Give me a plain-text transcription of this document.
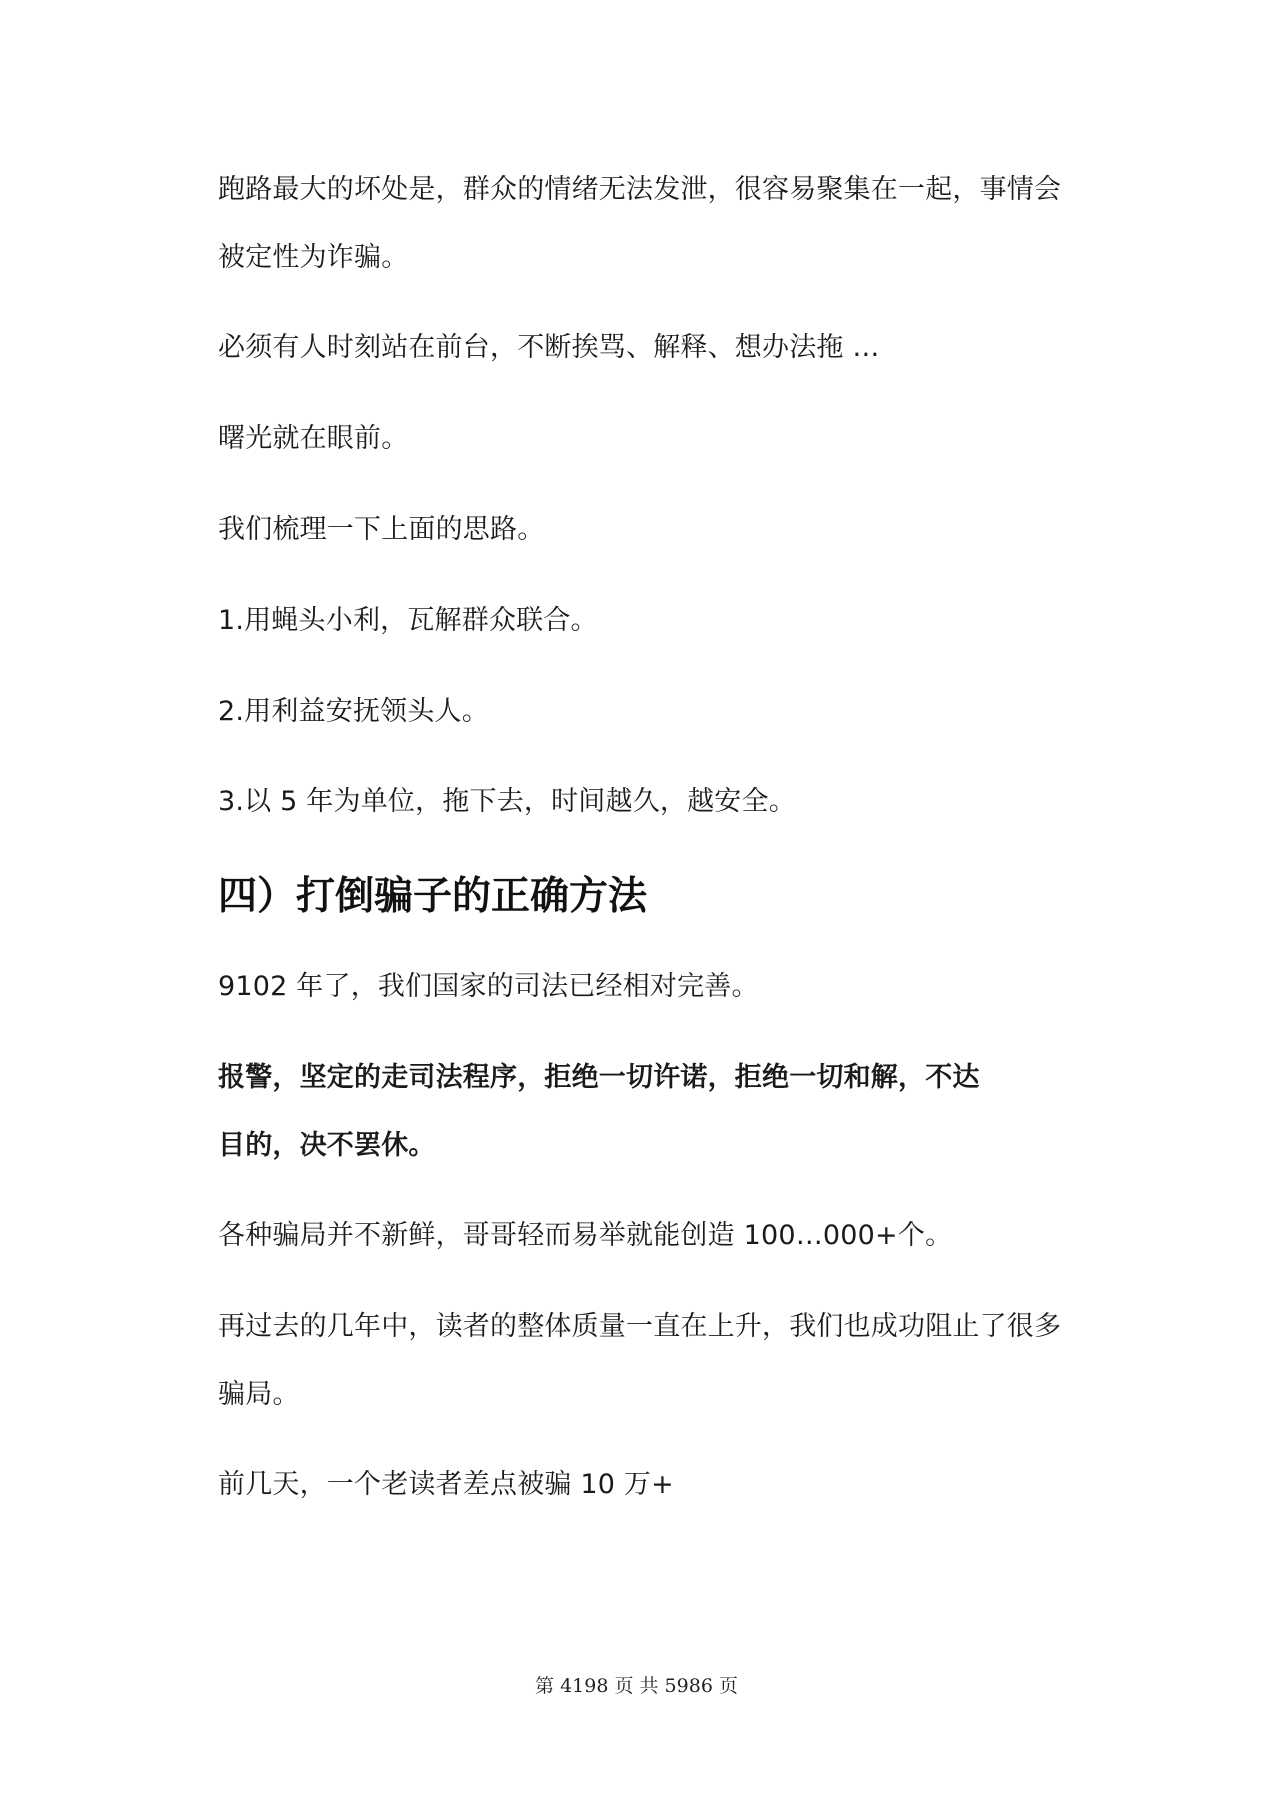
跑路最大的坏处是，群众的情绪无法发泄，很容易聚集在一起，事情会

被定性为诈骗。

必须有人时刻站在前台，不断挨骂、解释、想办法拖 …

曙光就在眼前。

我们梳理一下上面的思路。

1.用蝇头小利，瓦解群众联合。

2.用利益安抚领头人。

3.以 5 年为单位，拖下去，时间越久，越安全。

四）打倒骗子的正确方法

9102 年了，我们国家的司法已经相对完善。

报警，坚定的走司法程序，拒绝一切许诺，拒绝一切和解，不达

目的，决不罢休。

各种骗局并不新鲜，哥哥轻而易举就能创造 100…000+个。

再过去的几年中，读者的整体质量一直在上升，我们也成功阻止了很多

骗局。

前几天，一个老读者差点被骗 10 万+

第 4198 页 共 5986 页
